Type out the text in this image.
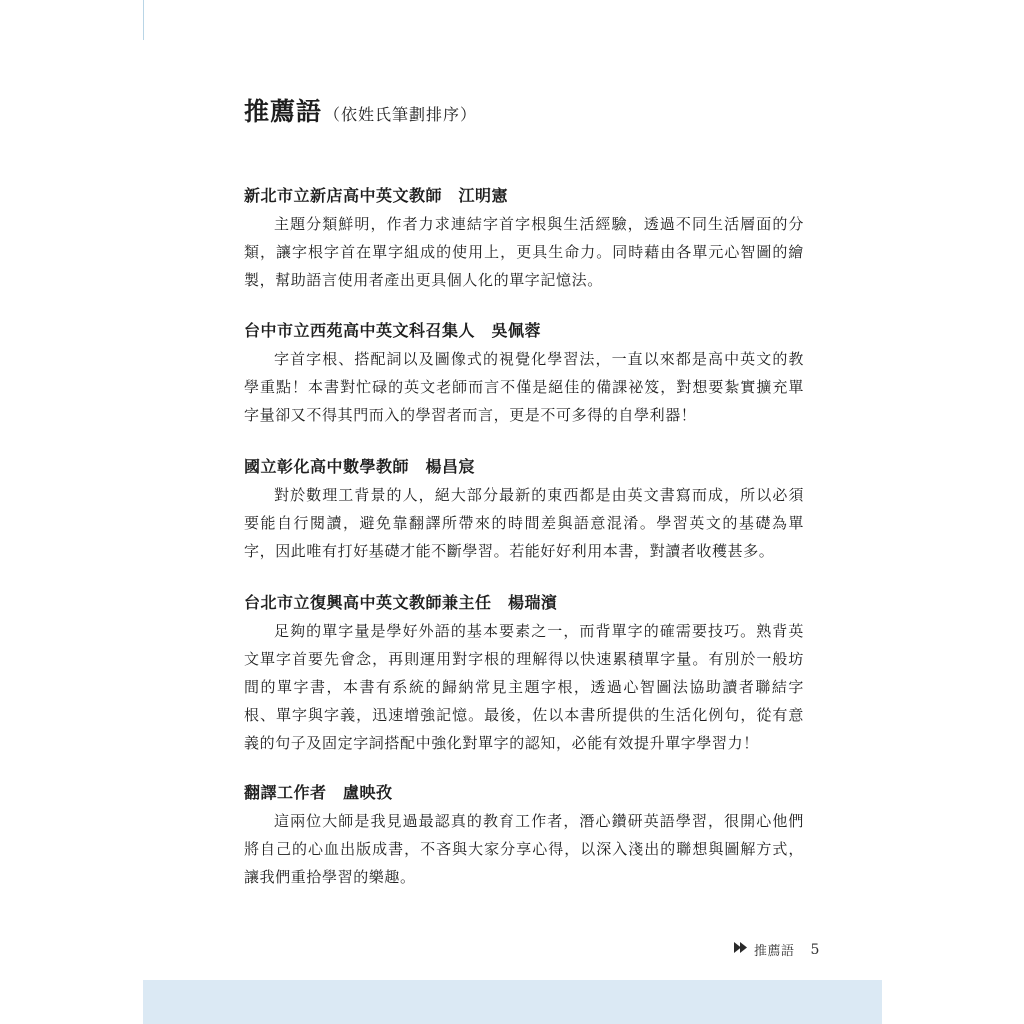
推薦語 （依姓氏筆劃排序）
新北市立新店高中英文教師　江明憲

主題分類鮮明，作者力求連結字首字根與生活經驗，透過不同生活層面的分類，讓字根字首在單字組成的使用上，更具生命力。同時藉由各單元心智圖的繪製，幫助語言使用者產出更具個人化的單字記憶法。

台中市立西苑高中英文科召集人　吳佩蓉

字首字根、搭配詞以及圖像式的視覺化學習法，一直以來都是高中英文的教學重點！本書對忙碌的英文老師而言不僅是絕佳的備課祕笈，對想要紮實擴充單字量卻又不得其門而入的學習者而言，更是不可多得的自學利器！

國立彰化高中數學教師　楊昌宸

對於數理工背景的人，絕大部分最新的東西都是由英文書寫而成，所以必須要能自行閱讀，避免靠翻譯所帶來的時間差與語意混淆。學習英文的基礎為單字，因此唯有打好基礎才能不斷學習。若能好好利用本書，對讀者收穫甚多。

台北市立復興高中英文教師兼主任　楊瑞濱

足夠的單字量是學好外語的基本要素之一，而背單字的確需要技巧。熟背英文單字首要先會念，再則運用對字根的理解得以快速累積單字量。有別於一般坊間的單字書，本書有系統的歸納常見主題字根，透過心智圖法協助讀者聯結字根、單字與字義，迅速增強記憶。最後，佐以本書所提供的生活化例句，從有意義的句子及固定字詞搭配中強化對單字的認知，必能有效提升單字學習力！

翻譯工作者　盧映孜

這兩位大師是我見過最認真的教育工作者，潛心鑽研英語學習，很開心他們將自己的心血出版成書，不吝與大家分享心得，以深入淺出的聯想與圖解方式，讓我們重拾學習的樂趣。

推薦語 5
